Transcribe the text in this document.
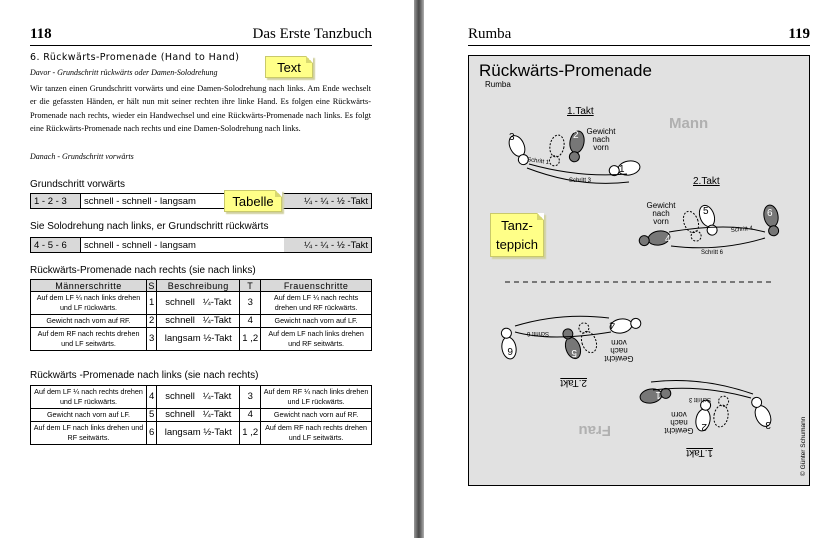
118	Das Erste Tanzbuch
6. Rückwärts-Promenade (Hand to Hand)
Davor - Grundschritt rückwärts oder Damen-Solodrehung
Wir tanzen einen Grundschritt vorwärts und eine Damen-Solodrehung nach links. Am Ende wechselt er die gefassten Händen, er hält nun mit seiner rechten ihre linke Hand. Es folgen eine Rückwärts-Promenade nach rechts, wieder ein Handwechsel und eine Rückwärts-Promenade nach links. Es folgt eine Rückwärts-Promenade nach rechts und eine Damen-Solodrehung nach links.
Danach - Grundschritt vorwärts
Text
Grundschritt vorwärts
1 - 2 - 3	schnell - schnell - langsam	¼ - ¼ - ½ -Takt
Tabelle
Sie Solodrehung nach links, er Grundschritt rückwärts
4 - 5 - 6	schnell - schnell - langsam	¼ - ¼ - ½ -Takt
Rückwärts-Promenade nach rechts (sie nach links)
Männerschritte	S	Beschreibung	T	Frauenschritte
Auf dem LF ¼ nach links drehen und LF rückwärts.	1	schnell ¼-Takt	3	Auf dem LF ¼ nach rechts drehen und RF rückwärts.
Gewicht nach vorn auf RF.	2	schnell ¼-Takt	4	Gewicht nach vorn auf LF.
Auf dem RF nach rechts drehen und LF seitwärts.	3	langsam ½-Takt	1 ,2	Auf dem LF nach links drehen und RF seitwärts.
Rückwärts -Promenade nach links (sie nach rechts)
Auf dem LF ¼ nach rechts drehen und LF rückwärts.	4	schnell ¼-Takt	3	Auf dem RF ¼ nach links drehen und LF rückwärts.
Gewicht nach vorn auf LF.	5	schnell ¼-Takt	4	Gewicht nach vorn auf RF.
Auf dem LF nach links drehen und RF seitwärts.	6	langsam ½-Takt	1 ,2	Auf dem RF nach rechts drehen und LF seitwärts.
Rumba	119
Rückwärts-Promenade
Rumba
Mann
1.Takt
2.Takt
3	2
1
Gewicht
nach
vorn
Schritt 1
Schritt 3
6
5
4
Gewicht
nach
vorn
Schritt 4
Schritt 6
Frau
1.Takt
2.Takt
3
2
1
Gewicht
nach
vorn
Schritt 3
6	5
4
Gewicht
nach
vorn
Schritt 6
© Günter Schumann
Tanz-
teppich
